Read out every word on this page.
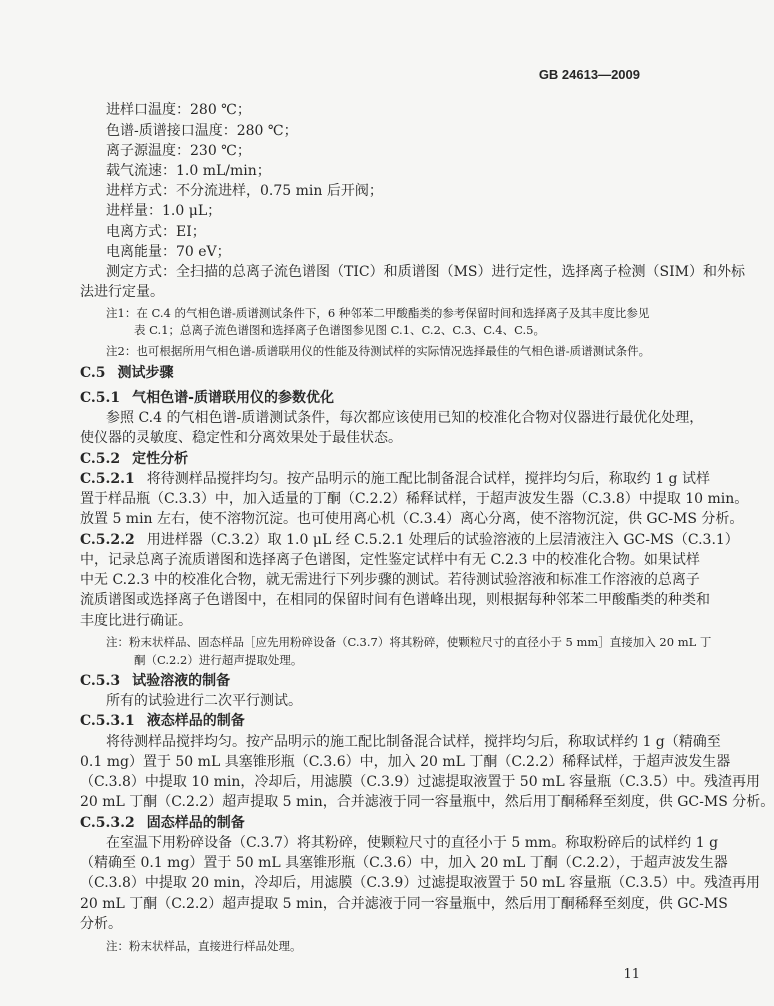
GB 24613—2009
进样口温度：280 ℃；
色谱-质谱接口温度：280 ℃；
离子源温度：230 ℃；
载气流速：1.0 mL/min；
进样方式：不分流进样，0.75 min 后开阀；
进样量：1.0 μL；
电离方式：EI；
电离能量：70 eV；
测定方式：全扫描的总离子流色谱图（TIC）和质谱图（MS）进行定性，选择离子检测（SIM）和外标
法进行定量。
注1：在 C.4 的气相色谱-质谱测试条件下，6 种邻苯二甲酸酯类的参考保留时间和选择离子及其丰度比参见
表 C.1；总离子流色谱图和选择离子色谱图参见图 C.1、C.2、C.3、C.4、C.5。
注2：也可根据所用气相色谱-质谱联用仪的性能及待测试样的实际情况选择最佳的气相色谱-质谱测试条件。
C.5 测试步骤
C.5.1 气相色谱-质谱联用仪的参数优化
参照 C.4 的气相色谱-质谱测试条件，每次都应该使用已知的校准化合物对仪器进行最优化处理，
使仪器的灵敏度、稳定性和分离效果处于最佳状态。
C.5.2 定性分析
C.5.2.1 将待测样品搅拌均匀。按产品明示的施工配比制备混合试样，搅拌均匀后，称取约 1 g 试样
置于样品瓶（C.3.3）中，加入适量的丁酮（C.2.2）稀释试样，于超声波发生器（C.3.8）中提取 10 min。
放置 5 min 左右，使不溶物沉淀。也可使用离心机（C.3.4）离心分离，使不溶物沉淀，供 GC-MS 分析。
C.5.2.2 用进样器（C.3.2）取 1.0 μL 经 C.5.2.1 处理后的试验溶液的上层清液注入 GC-MS（C.3.1）
中，记录总离子流质谱图和选择离子色谱图，定性鉴定试样中有无 C.2.3 中的校准化合物。如果试样
中无 C.2.3 中的校准化合物，就无需进行下列步骤的测试。若待测试验溶液和标准工作溶液的总离子
流质谱图或选择离子色谱图中，在相同的保留时间有色谱峰出现，则根据每种邻苯二甲酸酯类的种类和
丰度比进行确证。
注：粉末状样品、固态样品［应先用粉碎设备（C.3.7）将其粉碎，使颗粒尺寸的直径小于 5 mm］直接加入 20 mL 丁
酮（C.2.2）进行超声提取处理。
C.5.3 试验溶液的制备
所有的试验进行二次平行测试。
C.5.3.1 液态样品的制备
将待测样品搅拌均匀。按产品明示的施工配比制备混合试样，搅拌均匀后，称取试样约 1 g（精确至
0.1 mg）置于 50 mL 具塞锥形瓶（C.3.6）中，加入 20 mL 丁酮（C.2.2）稀释试样，于超声波发生器
（C.3.8）中提取 10 min，冷却后，用滤膜（C.3.9）过滤提取液置于 50 mL 容量瓶（C.3.5）中。残渣再用
20 mL 丁酮（C.2.2）超声提取 5 min，合并滤液于同一容量瓶中，然后用丁酮稀释至刻度，供 GC-MS 分析。
C.5.3.2 固态样品的制备
在室温下用粉碎设备（C.3.7）将其粉碎，使颗粒尺寸的直径小于 5 mm。称取粉碎后的试样约 1 g
（精确至 0.1 mg）置于 50 mL 具塞锥形瓶（C.3.6）中，加入 20 mL 丁酮（C.2.2），于超声波发生器
（C.3.8）中提取 20 min，冷却后，用滤膜（C.3.9）过滤提取液置于 50 mL 容量瓶（C.3.5）中。残渣再用
20 mL 丁酮（C.2.2）超声提取 5 min，合并滤液于同一容量瓶中，然后用丁酮稀释至刻度，供 GC-MS
分析。
注：粉末状样品，直接进行样品处理。
11
